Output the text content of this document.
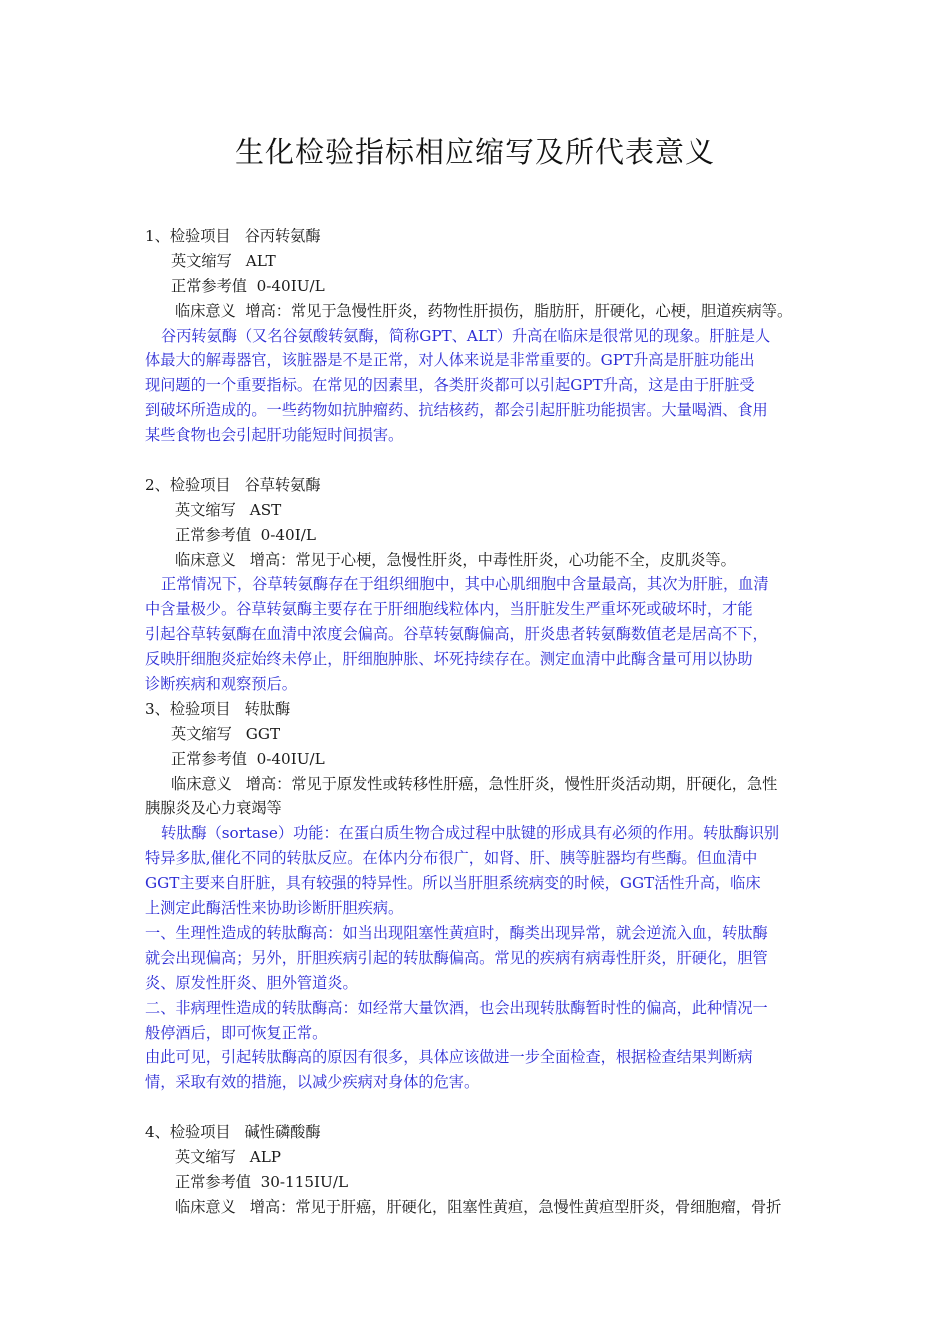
生化检验指标相应缩写及所代表意义
1、检验项目 谷丙转氨酶
英文缩写 ALT
正常参考值 0-40IU/L
临床意义 增高：常见于急慢性肝炎，药物性肝损伤，脂肪肝，肝硬化，心梗，胆道疾病等。
谷丙转氨酶（又名谷氨酸转氨酶，简称GPT、ALT）升高在临床是很常见的现象。肝脏是人
体最大的解毒器官，该脏器是不是正常，对人体来说是非常重要的。GPT升高是肝脏功能出
现问题的一个重要指标。在常见的因素里，各类肝炎都可以引起GPT升高，这是由于肝脏受
到破坏所造成的。一些药物如抗肿瘤药、抗结核药，都会引起肝脏功能损害。大量喝酒、食用
某些食物也会引起肝功能短时间损害。
2、检验项目 谷草转氨酶
英文缩写 AST
正常参考值 0-40I/L
临床意义 增高：常见于心梗，急慢性肝炎，中毒性肝炎，心功能不全，皮肌炎等。
正常情况下，谷草转氨酶存在于组织细胞中，其中心肌细胞中含量最高，其次为肝脏，血清
中含量极少。谷草转氨酶主要存在于肝细胞线粒体内，当肝脏发生严重坏死或破坏时，才能
引起谷草转氨酶在血清中浓度会偏高。谷草转氨酶偏高，肝炎患者转氨酶数值老是居高不下，
反映肝细胞炎症始终未停止，肝细胞肿胀、坏死持续存在。测定血清中此酶含量可用以协助
诊断疾病和观察预后。
3、检验项目 转肽酶
英文缩写 GGT
正常参考值 0-40IU/L
临床意义 增高：常见于原发性或转移性肝癌，急性肝炎，慢性肝炎活动期，肝硬化，急性
胰腺炎及心力衰竭等
转肽酶（sortase）功能：在蛋白质生物合成过程中肽键的形成具有必须的作用。转肽酶识别
特异多肽,催化不同的转肽反应。在体内分布很广，如肾、肝、胰等脏器均有些酶。但血清中
GGT主要来自肝脏，具有较强的特异性。所以当肝胆系统病变的时候，GGT活性升高，临床
上测定此酶活性来协助诊断肝胆疾病。
一、生理性造成的转肽酶高：如当出现阻塞性黄疸时，酶类出现异常，就会逆流入血，转肽酶
就会出现偏高；另外，肝胆疾病引起的转肽酶偏高。常见的疾病有病毒性肝炎，肝硬化，胆管
炎、原发性肝炎、胆外管道炎。
二、非病理性造成的转肽酶高：如经常大量饮酒，也会出现转肽酶暂时性的偏高，此种情况一
般停酒后，即可恢复正常。
由此可见，引起转肽酶高的原因有很多，具体应该做进一步全面检查，根据检查结果判断病
情，采取有效的措施，以减少疾病对身体的危害。
4、检验项目 碱性磷酸酶
英文缩写 ALP
正常参考值 30-115IU/L
临床意义 增高：常见于肝癌，肝硬化，阻塞性黄疸，急慢性黄疸型肝炎，骨细胞瘤，骨折
